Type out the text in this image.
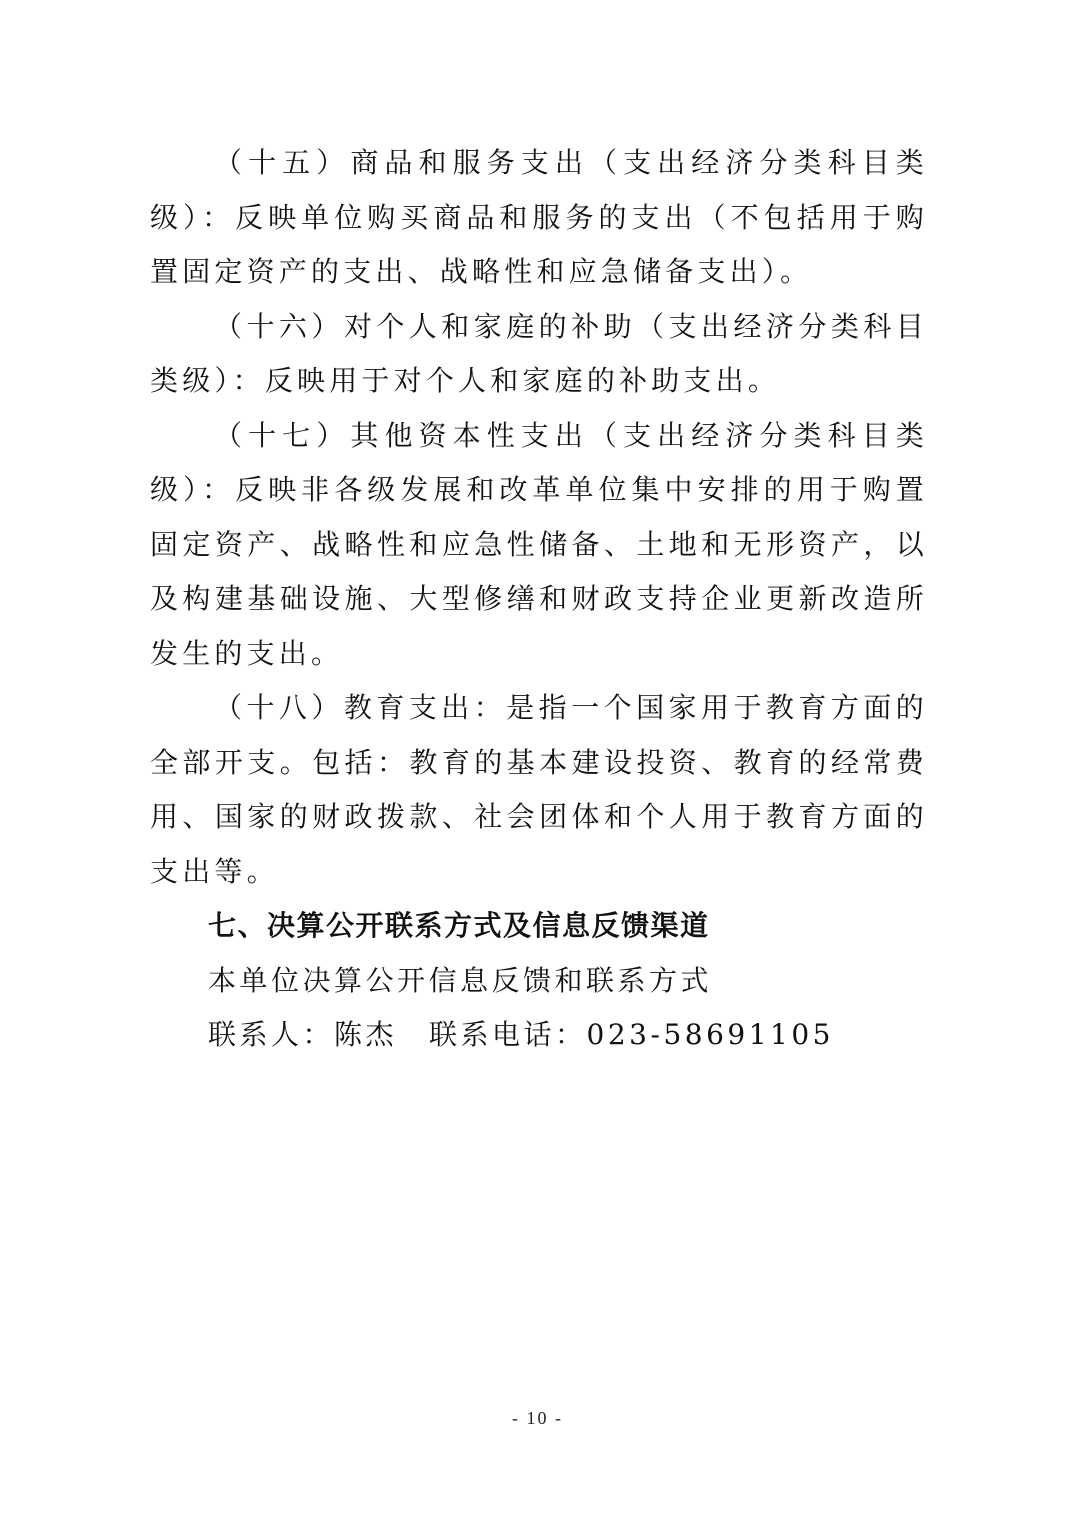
（十五）商品和服务支出（支出经济分类科目类级）：反映单位购买商品和服务的支出（不包括用于购置固定资产的支出、战略性和应急储备支出）。

（十六）对个人和家庭的补助（支出经济分类科目类级）：反映用于对个人和家庭的补助支出。

（十七）其他资本性支出（支出经济分类科目类级）：反映非各级发展和改革单位集中安排的用于购置固定资产、战略性和应急性储备、土地和无形资产，以及构建基础设施、大型修缮和财政支持企业更新改造所发生的支出。

（十八）教育支出：是指一个国家用于教育方面的全部开支。包括：教育的基本建设投资、教育的经常费用、国家的财政拨款、社会团体和个人用于教育方面的支出等。

七、决算公开联系方式及信息反馈渠道

本单位决算公开信息反馈和联系方式

联系人：陈杰 联系电话：023-58691105

- 10 -
